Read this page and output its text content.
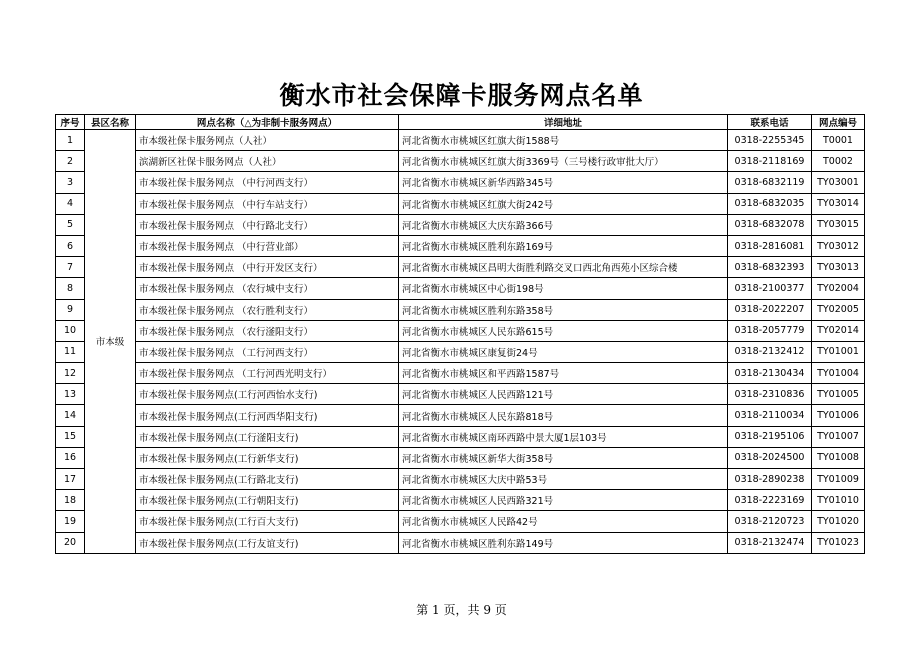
衡水市社会保障卡服务网点名单
序号	县区名称	网点名称（△为非制卡服务网点）	详细地址	联系电话	网点编号
1	市本级	市本级社保卡服务网点（人社）	河北省衡水市桃城区红旗大街1588号	0318-2255345	T0001
2		滨湖新区社保卡服务网点（人社）	河北省衡水市桃城区红旗大街3369号（三号楼行政审批大厅）	0318-2118169	T0002
3		市本级社保卡服务网点 （中行河西支行）	河北省衡水市桃城区新华西路345号	0318-6832119	TY03001
4		市本级社保卡服务网点 （中行车站支行）	河北省衡水市桃城区红旗大街242号	0318-6832035	TY03014
5		市本级社保卡服务网点 （中行路北支行）	河北省衡水市桃城区大庆东路366号	0318-6832078	TY03015
6		市本级社保卡服务网点 （中行营业部）	河北省衡水市桃城区胜利东路169号	0318-2816081	TY03012
7		市本级社保卡服务网点 （中行开发区支行）	河北省衡水市桃城区昌明大街胜利路交叉口西北角西苑小区综合楼	0318-6832393	TY03013
8		市本级社保卡服务网点 （农行城中支行）	河北省衡水市桃城区中心街198号	0318-2100377	TY02004
9		市本级社保卡服务网点 （农行胜利支行）	河北省衡水市桃城区胜利东路358号	0318-2022207	TY02005
10		市本级社保卡服务网点 （农行滏阳支行）	河北省衡水市桃城区人民东路615号	0318-2057779	TY02014
11		市本级社保卡服务网点 （工行河西支行）	河北省衡水市桃城区康复街24号	0318-2132412	TY01001
12		市本级社保卡服务网点 （工行河西光明支行）	河北省衡水市桃城区和平西路1587号	0318-2130434	TY01004
13		市本级社保卡服务网点(工行河西怡水支行)	河北省衡水市桃城区人民西路121号	0318-2310836	TY01005
14		市本级社保卡服务网点(工行河西华阳支行)	河北省衡水市桃城区人民东路818号	0318-2110034	TY01006
15		市本级社保卡服务网点(工行滏阳支行)	河北省衡水市桃城区南环西路中景大厦1层103号	0318-2195106	TY01007
16		市本级社保卡服务网点(工行新华支行)	河北省衡水市桃城区新华大街358号	0318-2024500	TY01008
17		市本级社保卡服务网点(工行路北支行)	河北省衡水市桃城区大庆中路53号	0318-2890238	TY01009
18		市本级社保卡服务网点(工行朝阳支行)	河北省衡水市桃城区人民西路321号	0318-2223169	TY01010
19		市本级社保卡服务网点(工行百大支行)	河北省衡水市桃城区人民路42号	0318-2120723	TY01020
20		市本级社保卡服务网点(工行友谊支行)	河北省衡水市桃城区胜利东路149号	0318-2132474	TY01023
第 1 页，共 9 页
